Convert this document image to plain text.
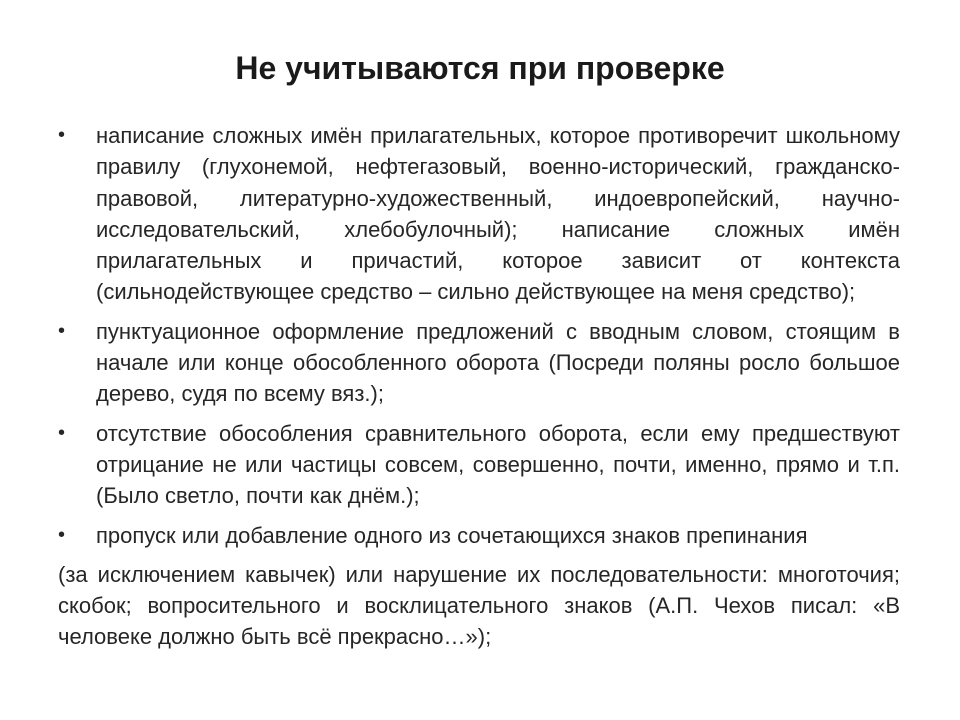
Не учитываются при проверке
• написание сложных имён прилагательных, которое противоречит школьному правилу (глухонемой, нефтегазовый, военно-исторический, гражданско-правовой, литературно-художественный, индоевропейский, научно-исследовательский, хлебобулочный); написание сложных имён прилагательных и причастий, которое зависит от контекста (сильнодействующее средство – сильно действующее на меня средство);
• пунктуационное оформление предложений с вводным словом, стоящим в начале или конце обособленного оборота (Посреди поляны росло большое дерево, судя по всему вяз.);
• отсутствие обособления сравнительного оборота, если ему предшествуют отрицание не или частицы совсем, совершенно, почти, именно, прямо и т.п. (Было светло, почти как днём.);
• пропуск или добавление одного из сочетающихся знаков препинания

(за исключением кавычек) или нарушение их последовательности: многоточия; скобок; вопросительного и восклицательного знаков (А.П. Чехов писал: «В человеке должно быть всё прекрасно…»);
